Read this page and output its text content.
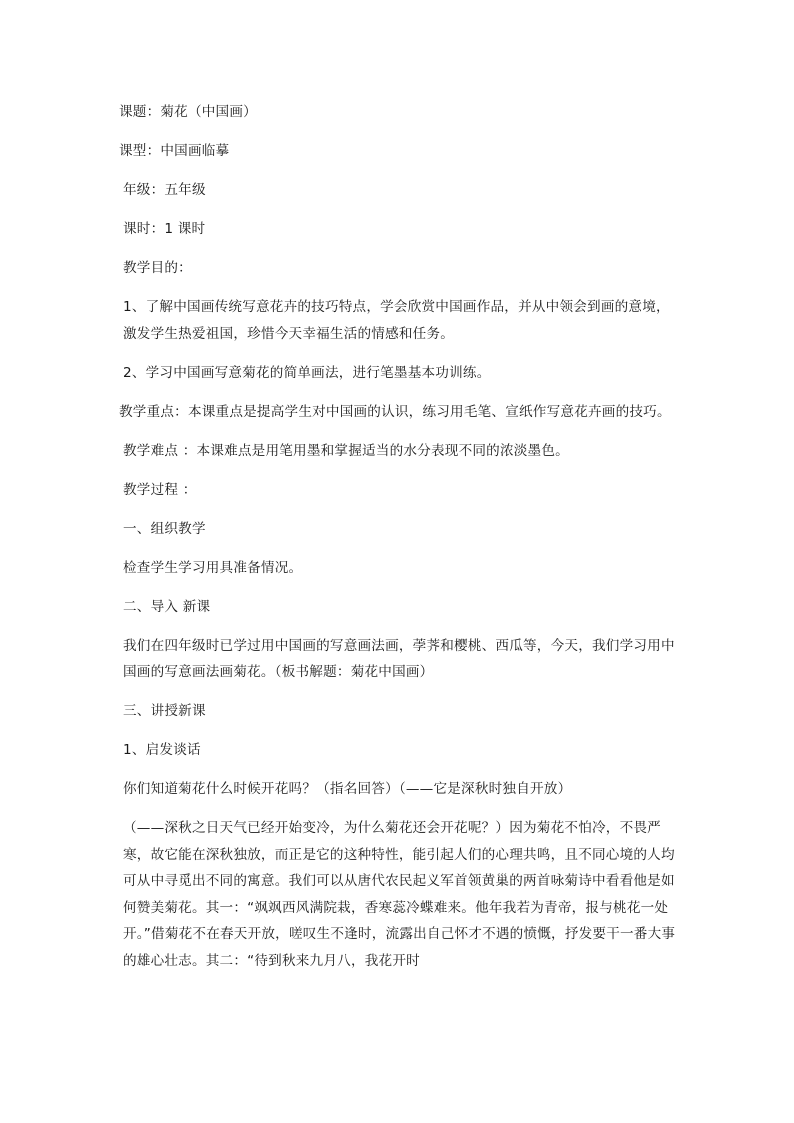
课题：菊花（中国画）

课型：中国画临摹

年级：五年级

课时：1 课时

教学目的：

1、了解中国画传统写意花卉的技巧特点，学会欣赏中国画作品，并从中领会到画的意境，激发学生热爱祖国，珍惜今天幸福生活的情感和任务。

2、学习中国画写意菊花的简单画法，进行笔墨基本功训练。

教学重点：本课重点是提高学生对中国画的认识，练习用毛笔、宣纸作写意花卉画的技巧。

教学难点 ：本课难点是用笔用墨和掌握适当的水分表现不同的浓淡墨色。

教学过程 ：

一、组织教学

检查学生学习用具准备情况。

二、导入 新课

我们在四年级时已学过用中国画的写意画法画，荸荠和樱桃、西瓜等，今天，我们学习用中国画的写意画法画菊花。（板书解题：菊花中国画）

三、讲授新课

1、启发谈话

你们知道菊花什么时候开花吗？（指名回答）（——它是深秋时独自开放）

（——深秋之日天气已经开始变冷，为什么菊花还会开花呢？）因为菊花不怕冷，不畏严寒，故它能在深秋独放，而正是它的这种特性，能引起人们的心理共鸣，且不同心境的人均可从中寻觅出不同的寓意。我们可以从唐代农民起义军首领黄巢的两首咏菊诗中看看他是如何赞美菊花。其一：“飒飒西风满院栽，香寒蕊冷蝶难来。他年我若为青帝，报与桃花一处开。”借菊花不在春天开放，嗟叹生不逢时，流露出自己怀才不遇的愤慨，抒发要干一番大事的雄心壮志。其二：“待到秋来九月八，我花开时
